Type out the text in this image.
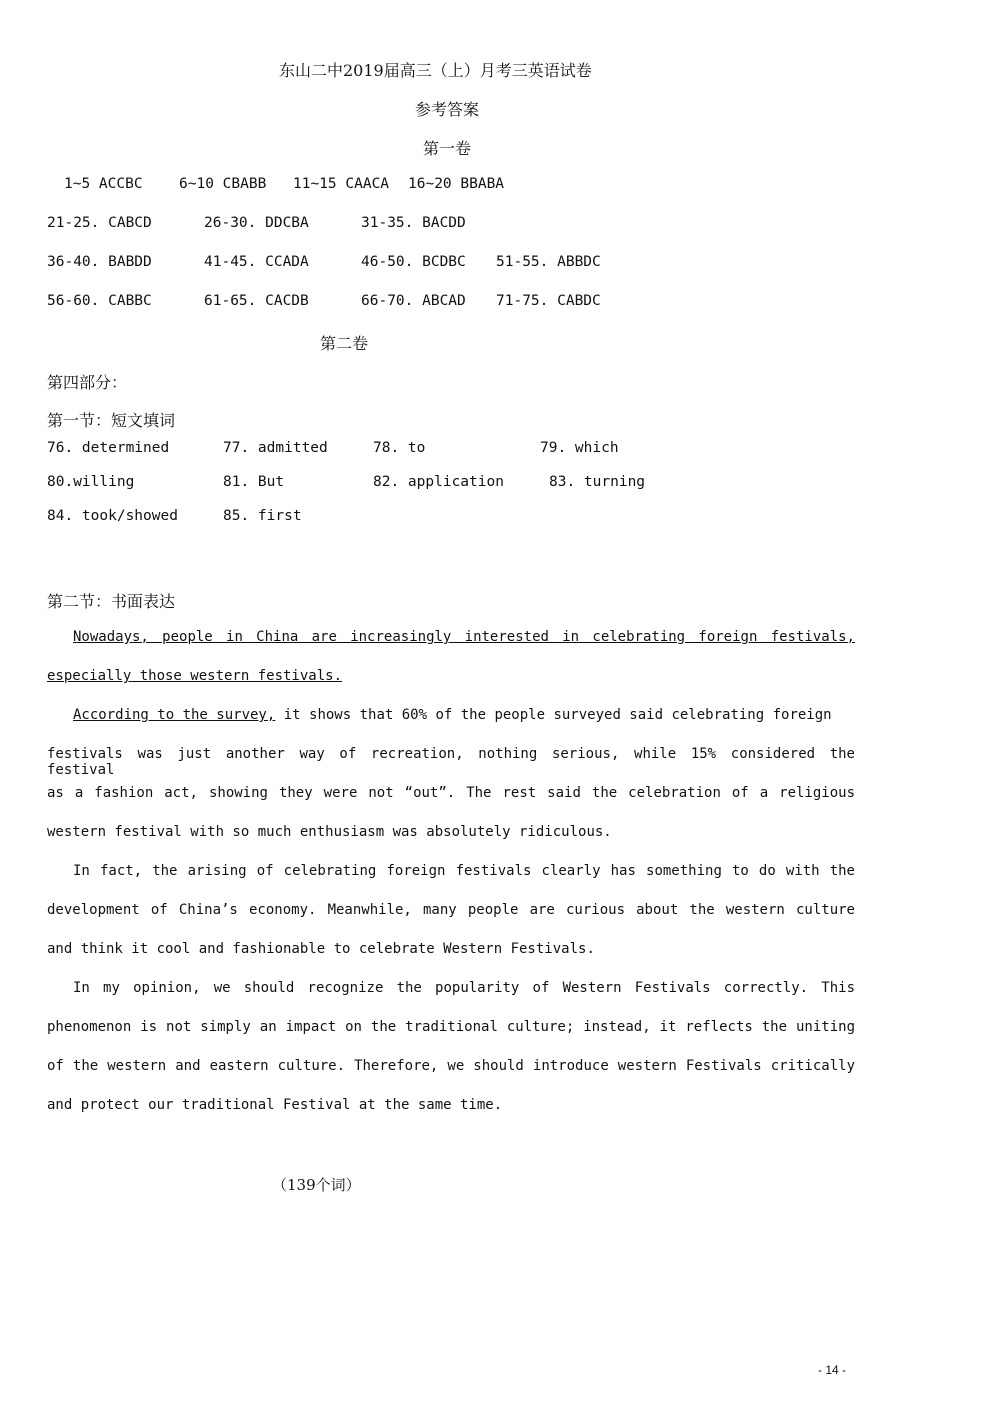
东山二中2019届高三（上）月考三英语试卷
参考答案
第一卷
1~5 ACCBC	6~10 CBABB 11~15 CAACA 16~20 BBABA
21-25. CABCD	26-30. DDCBA	31-35. BACDD
36-40. BABDD	41-45. CCADA	46-50. BCDBC 51-55. ABBDC
56-60. CABBC	61-65. CACDB	66-70. ABCAD 71-75. CABDC
第二卷
第四部分：
第一节：短文填词
76. determined	77. admitted	78. to	79. which
80.willing	81. But	82. application	83. turning
84. took/showed	85. first
第二节：书面表达
Nowadays, people in China are increasingly interested in celebrating foreign festivals,
especially those western festivals.
According to the survey, it shows that 60% of the people surveyed said celebrating foreign
festivals was just another way of recreation, nothing serious, while 15% considered the festival
as a fashion act, showing they were not “out”. The rest said the celebration of a religious
western festival with so much enthusiasm was absolutely ridiculous.
In fact, the arising of celebrating foreign festivals clearly has something to do with the
development of China’s economy. Meanwhile, many people are curious about the western culture
and think it cool and fashionable to celebrate Western Festivals.
In my opinion, we should recognize the popularity of Western Festivals correctly. This
phenomenon is not simply an impact on the traditional culture; instead, it reflects the uniting
of the western and eastern culture. Therefore, we should introduce western Festivals critically
and protect our traditional Festival at the same time.
（139个词）
- 14 -
